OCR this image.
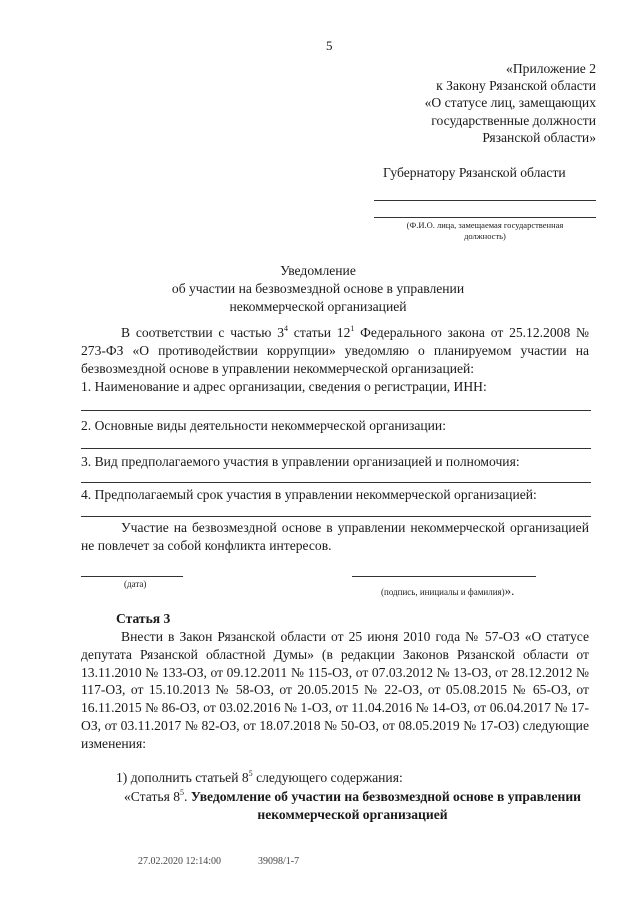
5
«Приложение 2
к Закону Рязанской области
«О статусе лиц, замещающих
государственные должности
Рязанской области»
Губернатору Рязанской области
(Ф.И.О. лица, замещаемая государственная
должность)
Уведомление
об участии на безвозмездной основе в управлении
некоммерческой организацией
В соответствии с частью $3^4$ статьи $12^1$ Федерального закона от 25.12.2008 № 273-ФЗ «О противодействии коррупции» уведомляю о планируемом участии на безвозмездной основе в управлении некоммерческой организацией:
1. Наименование и адрес организации, сведения о регистрации, ИНН:
2. Основные виды деятельности некоммерческой организации:
3. Вид предполагаемого участия в управлении организацией и полномочия:
4. Предполагаемый срок участия в управлении некоммерческой организацией:
Участие на безвозмездной основе в управлении некоммерческой организацией не повлечет за собой конфликта интересов.
(дата)
(подпись, инициалы и фамилия)».
Статья 3
Внести в Закон Рязанской области от 25 июня 2010 года № 57-ОЗ «О статусе депутата Рязанской областной Думы» (в редакции Законов Рязанской области от 13.11.2010 № 133-ОЗ, от 09.12.2011 № 115-ОЗ, от 07.03.2012 № 13-ОЗ, от 28.12.2012 № 117-ОЗ, от 15.10.2013 № 58-ОЗ, от 20.05.2015 № 22-ОЗ, от 05.08.2015 № 65-ОЗ, от 16.11.2015 № 86-ОЗ, от 03.02.2016 № 1-ОЗ, от 11.04.2016 № 14-ОЗ, от 06.04.2017 № 17-ОЗ, от 03.11.2017 № 82-ОЗ, от 18.07.2018 № 50-ОЗ, от 08.05.2019 № 17-ОЗ) следующие изменения:
1) дополнить статьей $8^5$ следующего содержания:
«Статья $8^5$. Уведомление об участии на безвозмездной основе в управлении некоммерческой организацией
27.02.2020 12:14:00	39098/1-7
